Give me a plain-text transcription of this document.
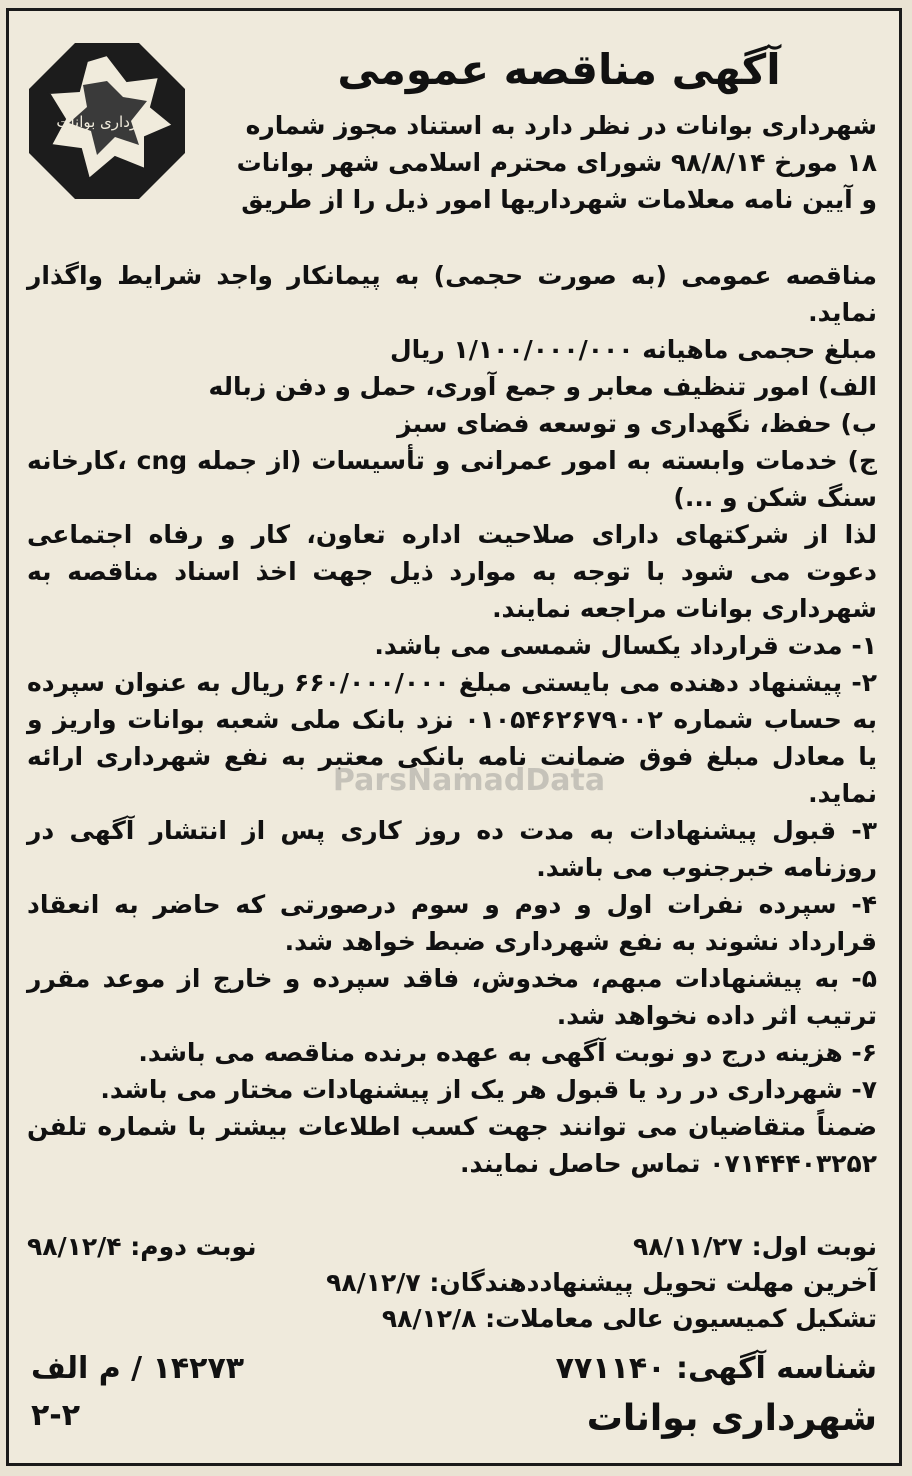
شهرداری بوانات
آگهی مناقصه عمومی
شهرداری بوانات در نظر دارد به استناد مجوز شماره
۱۸ مورخ ۹۸/۸/۱۴ شورای محترم اسلامی شهر بوانات
و آیین نامه معلامات شهرداریها امور ذیل را از طریق

مناقصه عمومی (به صورت حجمی) به پیمانکار واجد شرایط واگذار نماید.

مبلغ حجمی ماهیانه ۱/۱۰۰/۰۰۰/۰۰۰ ریال

الف) امور تنظیف معابر و جمع آوری، حمل و دفن زباله

ب) حفظ، نگهداری و توسعه فضای سبز

ج) خدمات وابسته به امور عمرانی و تأسیسات (از جمله cng ،کارخانه سنگ شکن و ...)

لذا از شرکتهای دارای صلاحیت اداره تعاون، کار و رفاه اجتماعی دعوت می شود با توجه به موارد ذیل جهت اخذ اسناد مناقصه به شهرداری بوانات مراجعه نمایند.

۱- مدت قرارداد یکسال شمسی می باشد.

۲- پیشنهاد دهنده می بایستی مبلغ ۶۶۰/۰۰۰/۰۰۰ ریال به عنوان سپرده به حساب شماره ۰۱۰۵۴۶۲۶۷۹۰۰۲ نزد بانک ملی شعبه بوانات واریز و یا معادل مبلغ فوق ضمانت نامه بانکی معتبر به نفع شهرداری ارائه نماید.

۳- قبول پیشنهادات به مدت ده روز کاری پس از انتشار آگهی در روزنامه خبرجنوب می باشد.

۴- سپرده نفرات اول و دوم و سوم درصورتی که حاضر به انعقاد قرارداد نشوند به نفع شهرداری ضبط خواهد شد.

۵- به پیشنهادات مبهم، مخدوش، فاقد سپرده و خارج از موعد مقرر ترتیب اثر داده نخواهد شد.

۶- هزینه درج دو نوبت آگهی به عهده برنده مناقصه می باشد.

۷- شهرداری در رد یا قبول هر یک از پیشنهادات مختار می باشد.

ضمناً متقاضیان می توانند جهت کسب اطلاعات بیشتر با شماره تلفن ۰۷۱۴۴۴۰۳۲۵۲ تماس حاصل نمایند.

ParsNamadData
نوبت اول: ۹۸/۱۱/۲۷
نوبت دوم: ۹۸/۱۲/۴
آخرین مهلت تحویل پیشنهاددهندگان: ۹۸/۱۲/۷
تشکیل کمیسیون عالی معاملات: ۹۸/۱۲/۸
شناسه آگهی: ۷۷۱۱۴۰
۱۴۲۷۳ / م الف
شهرداری بوانات
۲-۲
